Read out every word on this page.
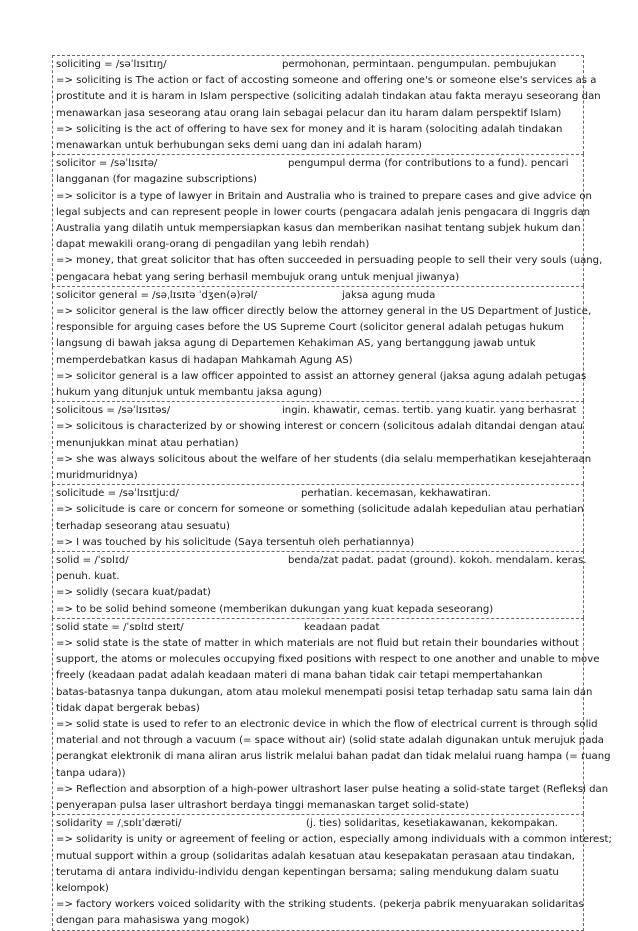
soliciting = /səˈlɪsɪtɪŋ/	permohonan, permintaan. pengumpulan. pembujukan
=> soliciting is The action or fact of accosting someone and offering one's or someone else's services as a
prostitute and it is haram in Islam perspective (soliciting adalah tindakan atau fakta merayu seseorang dan
menawarkan jasa seseorang atau orang lain sebagai pelacur dan itu haram dalam perspektif Islam)
=> soliciting is the act of offering to have sex for money and it is haram (solociting adalah tindakan
menawarkan untuk berhubungan seks demi uang dan ini adalah haram)
solicitor = /səˈlɪsɪtə/	pengumpul derma (for contributions to a fund). pencari
langganan (for magazine subscriptions)
=> solicitor is a type of lawyer in Britain and Australia who is trained to prepare cases and give advice on
legal subjects and can represent people in lower courts (pengacara adalah jenis pengacara di Inggris dan
Australia yang dilatih untuk mempersiapkan kasus dan memberikan nasihat tentang subjek hukum dan
dapat mewakili orang-orang di pengadilan yang lebih rendah)
=> money, that great solicitor that has often succeeded in persuading people to sell their very souls (uang,
pengacara hebat yang sering berhasil membujuk orang untuk menjual jiwanya)
solicitor general = /səˌlɪsɪtə ˈdʒen(ə)rəl/	jaksa agung muda
=> solicitor general is the law officer directly below the attorney general in the US Department of Justice,
responsible for arguing cases before the US Supreme Court (solicitor general adalah petugas hukum
langsung di bawah jaksa agung di Departemen Kehakiman AS, yang bertanggung jawab untuk
memperdebatkan kasus di hadapan Mahkamah Agung AS)
=> solicitor general is a law officer appointed to assist an attorney general (jaksa agung adalah petugas
hukum yang ditunjuk untuk membantu jaksa agung)
solicitous = /səˈlɪsɪtəs/	ingin. khawatir, cemas. tertib. yang kuatir. yang berhasrat
=> solicitous is characterized by or showing interest or concern (solicitous adalah ditandai dengan atau
menunjukkan minat atau perhatian)
=> she was always solicitous about the welfare of her students (dia selalu memperhatikan kesejahteraan
muridmuridnya)
solicitude = /səˈlɪsɪtjuːd/	perhatian. kecemasan, kekhawatiran.
=> solicitude is care or concern for someone or something (solicitude adalah kepedulian atau perhatian
terhadap seseorang atau sesuatu)
=> I was touched by his solicitude (Saya tersentuh oleh perhatiannya)
solid = /ˈsɒlɪd/	benda/zat padat. padat (ground). kokoh. mendalam. keras.
penuh. kuat.
=> solidly (secara kuat/padat)
=> to be solid behind someone (memberikan dukungan yang kuat kepada seseorang)
solid state = /ˈsɒlɪd steɪt/	keadaan padat
=> solid state is the state of matter in which materials are not fluid but retain their boundaries without
support, the atoms or molecules occupying fixed positions with respect to one another and unable to move
freely (keadaan padat adalah keadaan materi di mana bahan tidak cair tetapi mempertahankan
batas-batasnya tanpa dukungan, atom atau molekul menempati posisi tetap terhadap satu sama lain dan
tidak dapat bergerak bebas)
=> solid state is used to refer to an electronic device in which the flow of electrical current is through solid
material and not through a vacuum (= space without air) (solid state adalah digunakan untuk merujuk pada
perangkat elektronik di mana aliran arus listrik melalui bahan padat dan tidak melalui ruang hampa (= ruang
tanpa udara))
=> Reflection and absorption of a high-power ultrashort laser pulse heating a solid-state target (Refleksi dan
penyerapan pulsa laser ultrashort berdaya tinggi memanaskan target solid-state)
solidarity = /ˌsɒlɪˈdærəti/	(j. ties) solidaritas, kesetiakawanan, kekompakan.
=> solidarity is unity or agreement of feeling or action, especially among individuals with a common interest;
mutual support within a group (solidaritas adalah kesatuan atau kesepakatan perasaan atau tindakan,
terutama di antara individu-individu dengan kepentingan bersama; saling mendukung dalam suatu
kelompok)
=> factory workers voiced solidarity with the striking students. (pekerja pabrik menyuarakan solidaritas
dengan para mahasiswa yang mogok)
